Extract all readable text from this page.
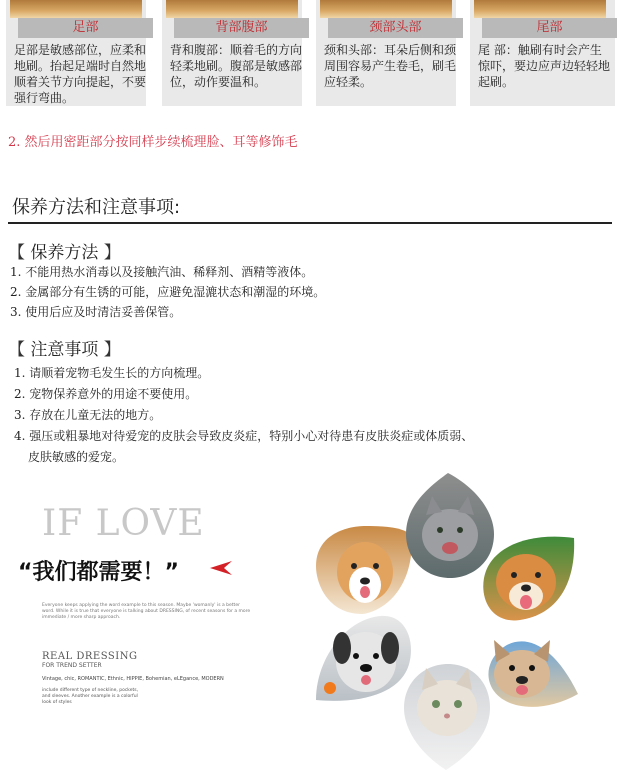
足部
足部是敏感部位，应柔和地刷。抬起足端时自然地顺着关节方向提起，不要强行弯曲。
背部腹部
背和腹部：顺着毛的方向轻柔地刷。腹部是敏感部位，动作要温和。
颈部头部
颈和头部：耳朵后侧和颈周围容易产生卷毛，刷毛应轻柔。
尾部
尾 部：触刷有时会产生惊吓，要边应声边轻轻地起刷。
2. 然后用密距部分按同样步续梳理脸、耳等修饰毛
保养方法和注意事项:
【 保养方法 】
1. 不能用热水消毒以及接触汽油、稀释剂、酒精等液体。
2. 金属部分有生锈的可能，应避免湿漉状态和潮湿的环境。
3. 使用后应及时清洁妥善保管。
【 注意事项 】
1. 请顺着宠物毛发生长的方向梳理。
2. 宠物保养意外的用途不要使用。
3. 存放在儿童无法的地方。
4. 强压或粗暴地对待爱宠的皮肤会导致皮炎症，特别小心对待患有皮肤炎症或体质弱、
皮肤敏感的爱宠。
IF LOVE
“我们都需要！”
Everyone keeps applying the word example to this season. Maybe 'womanly' is a better word. While it is true that everyone is talking about DRESSING, of recent seasons for a more immediate / more sharp approach.
REAL DRESSING
FOR TREND SETTER
Vintage, chic, ROMANTIC, Ethnic, HIPPIE, Bohemian, eLEgance, MODERN
include different type of neckline, pockets, and sleeves. Another example is a colorful look of styles
